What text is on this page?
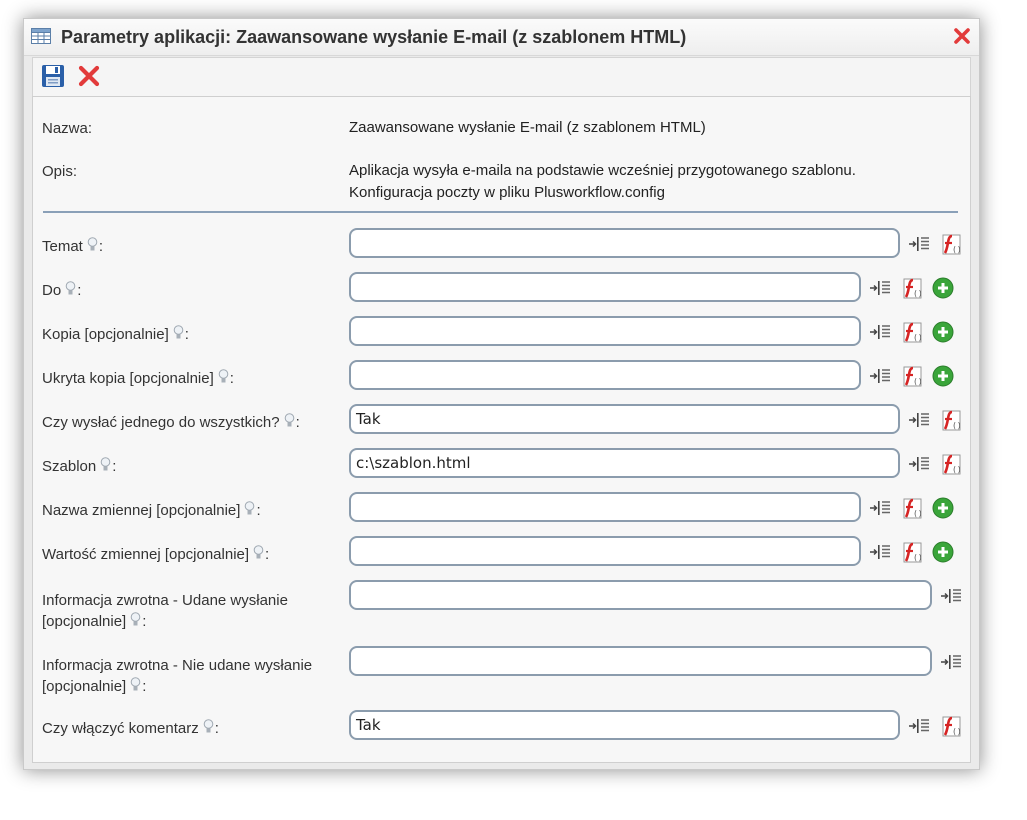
Parametry aplikacji: Zaawansowane wysłanie E-mail (z szablonem HTML)
Nazwa:	Zaawansowane wysłanie E-mail (z szablonem HTML)
Opis:	Aplikacja wysyła e-maila na podstawie wcześniej przygotowanego szablonu.
Konfiguracja poczty w pliku Plusworkflow.config
Temat :	()
Do :	()
Kopia [opcjonalnie] :	()
Ukryta kopia [opcjonalnie] :	()
Czy wysłać jednego do wszystkich? :	Tak	()
Szablon :	c:\szablon.html	()
Nazwa zmiennej [opcjonalnie] :	()
Wartość zmiennej [opcjonalnie] :	()
Informacja zwrotna - Udane wysłanie
[opcjonalnie] :
Informacja zwrotna - Nie udane wysłanie
[opcjonalnie] :
Czy włączyć komentarz :	Tak	()
